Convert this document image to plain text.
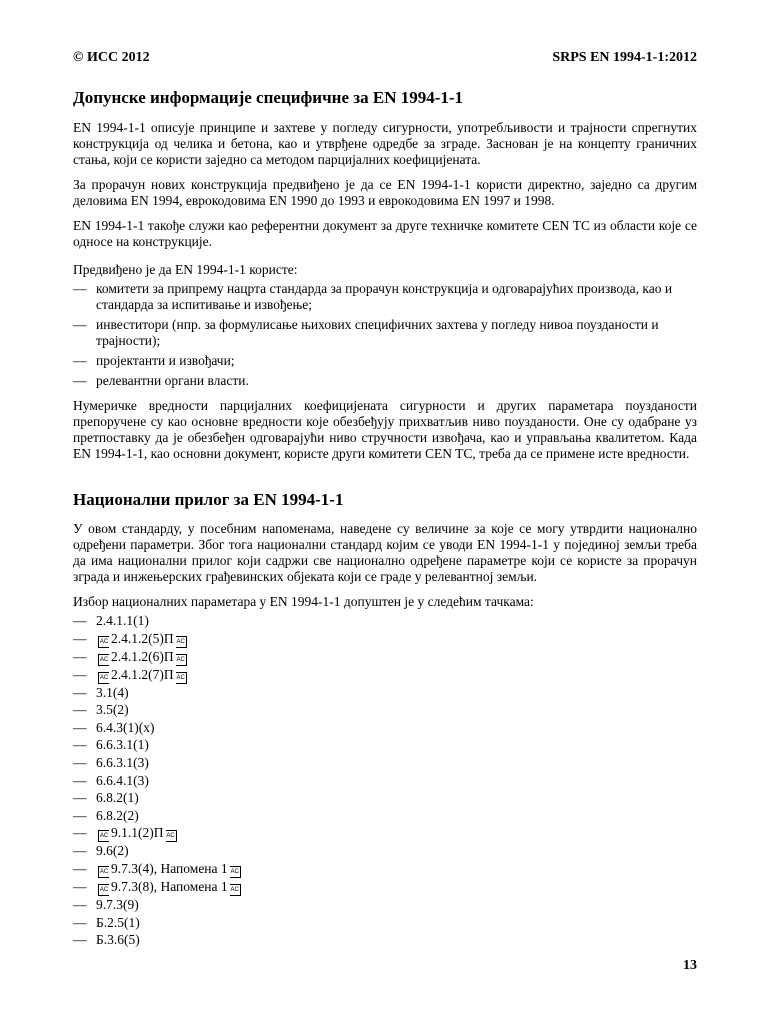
© ИСС 2012	SRPS EN 1994-1-1:2012
Допунске информације специфичне за EN 1994-1-1

EN 1994-1-1 описује принципе и захтеве у погледу сигурности, употребљивости и трајности спрегнутих конструкција од челика и бетона, као и утврђене одредбе за зграде. Заснован је на концепту граничних стања, који се користи заједно са методом парцијалних коефицијената.

За прорачун нових конструкција предвиђено је да се EN 1994-1-1 користи директно, заједно са другим деловима EN 1994, еврокодовима EN 1990 до 1993 и еврокодовима EN 1997 и 1998.

EN 1994-1-1 такође служи као референтни документ за друге техничке комитете CEN TC из области које се односе на конструкције.

Предвиђено је да EN 1994-1-1 користе:

— комитети за припрему нацрта стандарда за прорачун конструкција и одговарајућих производа, као и стандарда за испитивање и извођење;
— инвеститори (нпр. за формулисање њихових специфичних захтева у погледу нивоа поузданости и трајности);
— пројектанти и извођачи;
— релевантни органи власти.

Нумеричке вредности парцијалних коефицијената сигурности и других параметара поузданости препоручене су као основне вредности које обезбеђују прихватљив ниво поузданости. Оне су одабране уз претпоставку да је обезбеђен одговарајући ниво стручности извођача, као и управљања квалитетом. Када EN 1994-1-1, као основни документ, користе други комитети CEN TC, треба да се примене исте вредности.

Национални прилог за EN 1994-1-1

У овом стандарду, у посебним напоменама, наведене су величине за које се могу утврдити национално одређени параметри. Због тога национални стандард којим се уводи EN 1994-1-1 у појединој земљи треба да има национални прилог који садржи све национално одређене параметре који се користе за прорачун зграда и инжењерских грађевинских објеката који се граде у релевантној земљи.

Избор националних параметара у EN 1994-1-1 допуштен је у следећим тачкама:

— 2.4.1.1(1)
— AC 2.4.1.2(5)П AC
— AC 2.4.1.2(6)П AC
— AC 2.4.1.2(7)П AC
— 3.1(4)
— 3.5(2)
— 6.4.3(1)(х)
— 6.6.3.1(1)
— 6.6.3.1(3)
— 6.6.4.1(3)
— 6.8.2(1)
— 6.8.2(2)
— AC 9.1.1(2)П AC
— 9.6(2)
— AC 9.7.3(4), Напомена 1 AC
— AC 9.7.3(8), Напомена 1 AC
— 9.7.3(9)
— Б.2.5(1)
— Б.3.6(5)
13
